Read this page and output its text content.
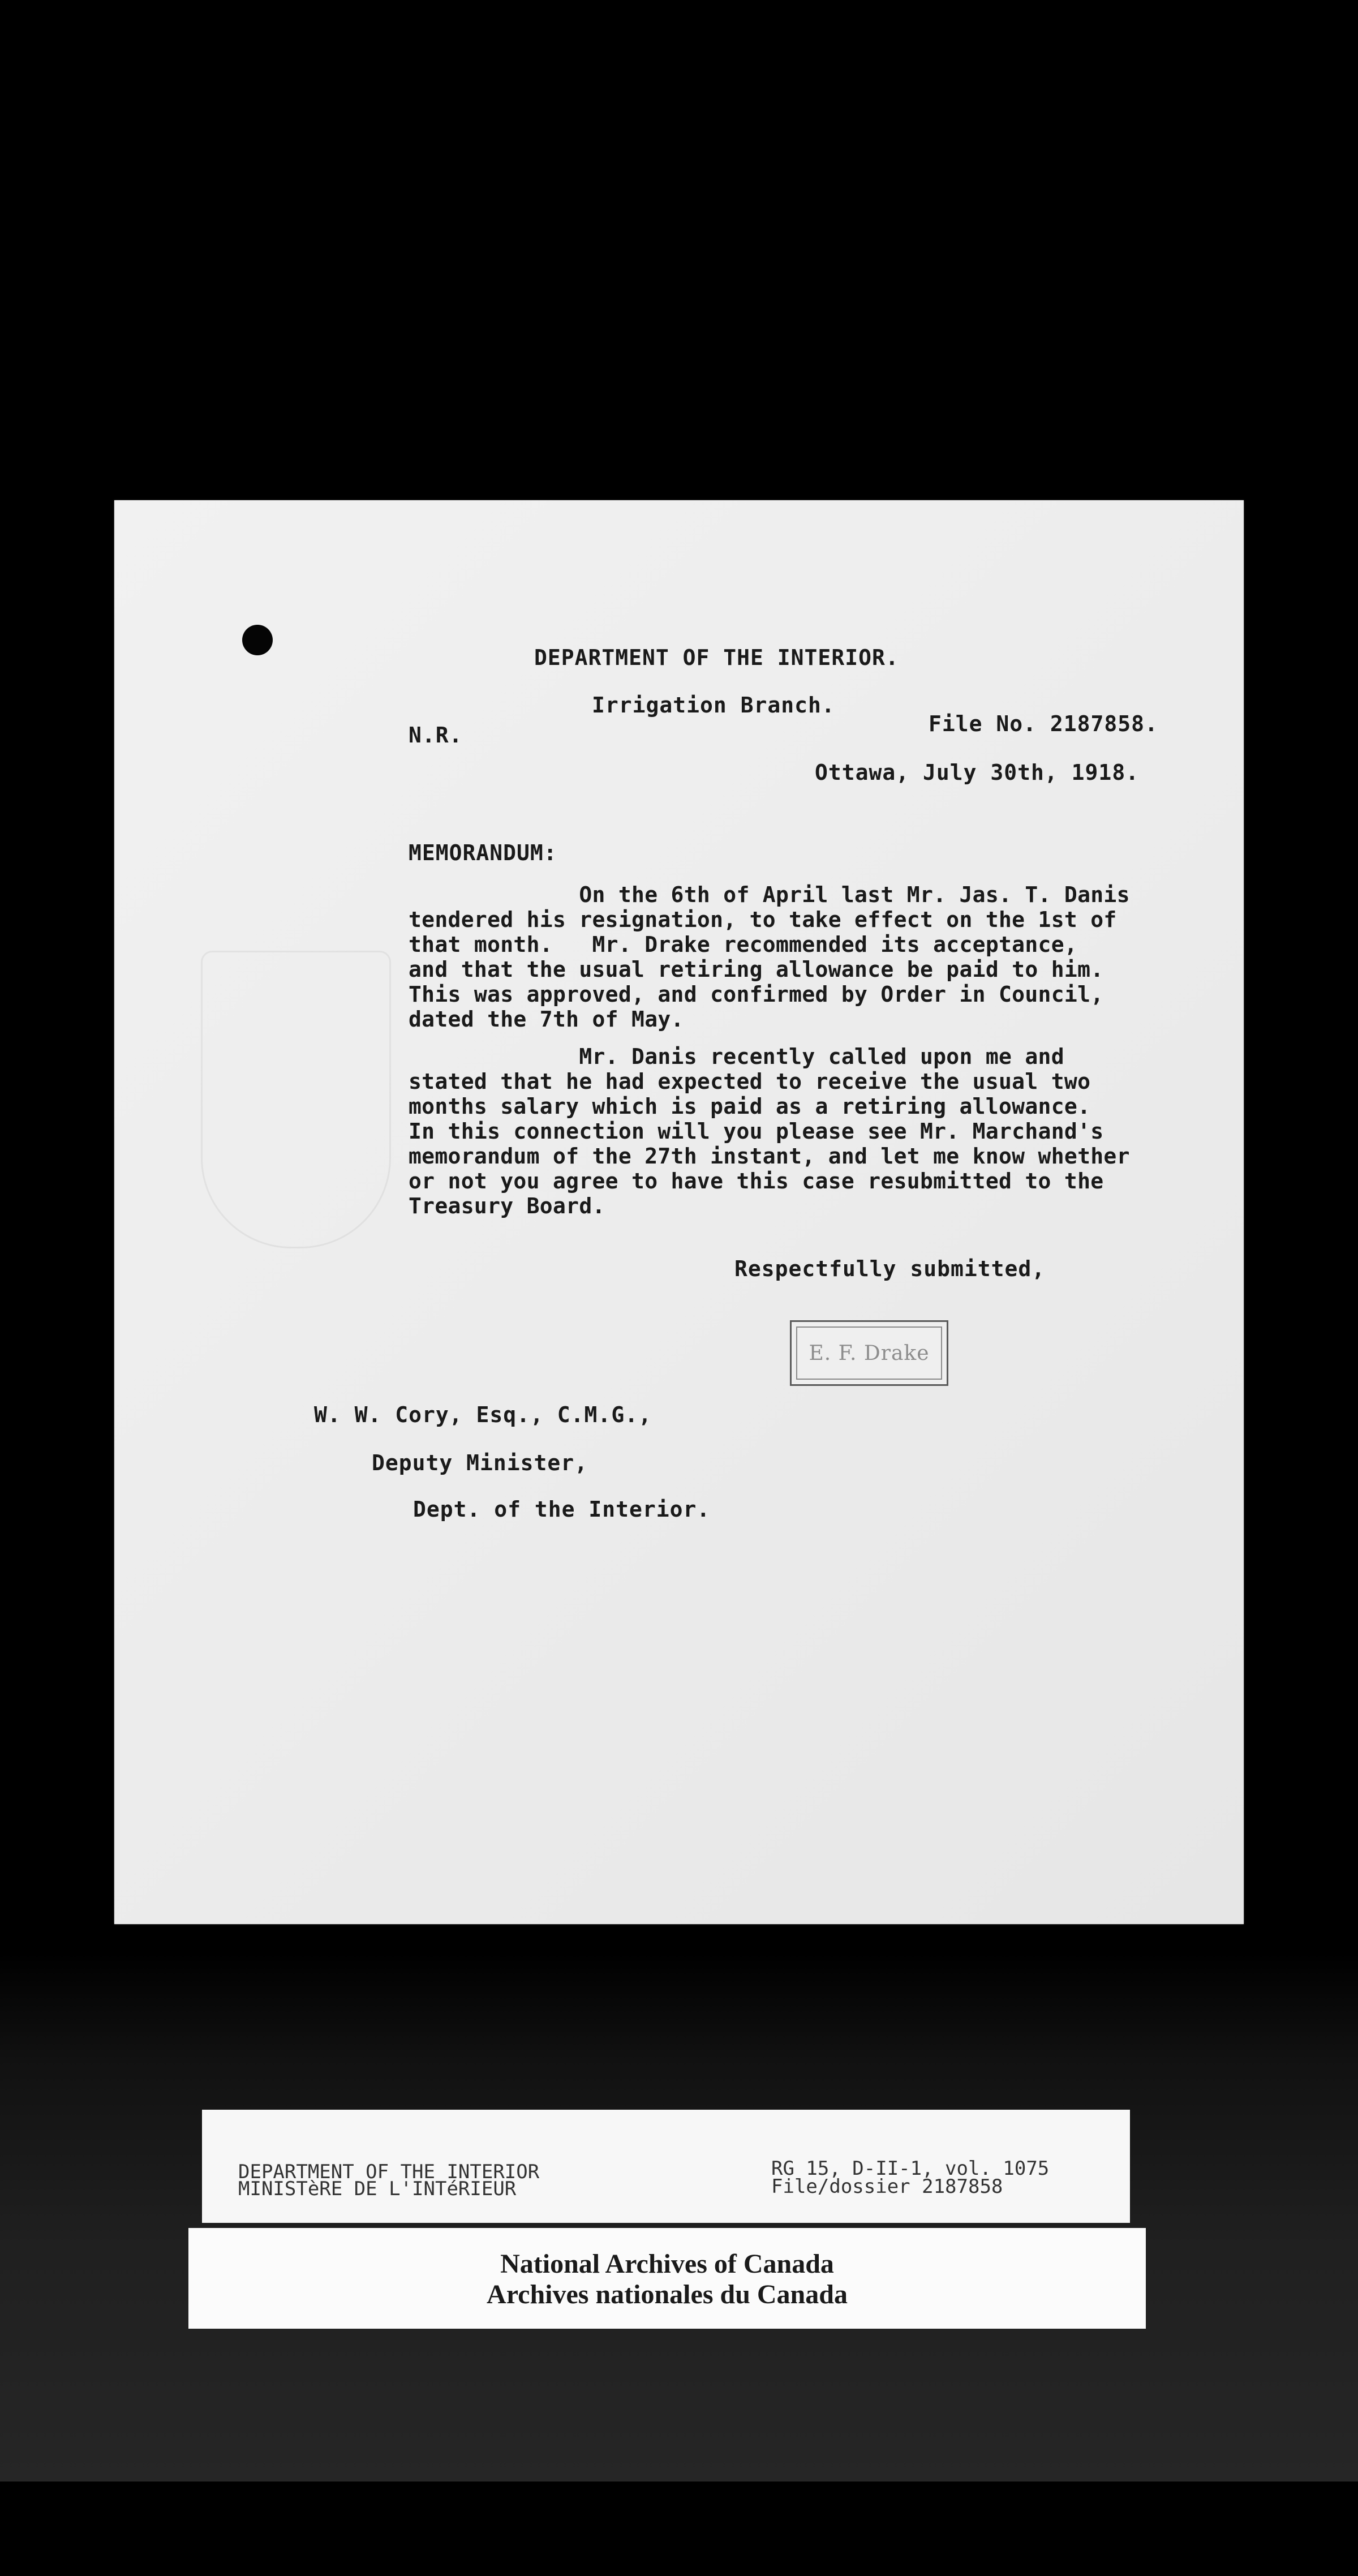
DEPARTMENT OF THE INTERIOR.

Irrigation Branch.

N.R.	File No. 2187858.

Ottawa, July 30th, 1918.

MEMORANDUM:

On the 6th of April last Mr. Jas. T. Danis

tendered his resignation, to take effect on the 1st of

that month.   Mr. Drake recommended its acceptance,

and that the usual retiring allowance be paid to him.

This was approved, and confirmed by Order in Council,

dated the 7th of May.

Mr. Danis recently called upon me and

stated that he had expected to receive the usual two

months salary which is paid as a retiring allowance.

In this connection will you please see Mr. Marchand's

memorandum of the 27th instant, and let me know whether

or not you agree to have this case resubmitted to the

Treasury Board.

Respectfully submitted,

E. F. Drake

W. W. Cory, Esq., C.M.G.,

Deputy Minister,

Dept. of the Interior.

DEPARTMENT OF THE INTERIOR

MINISTèRE DE L'INTéRIEUR

RG 15, D-II-1, vol. 1075

File/dossier 2187858

National Archives of Canada

Archives nationales du Canada
